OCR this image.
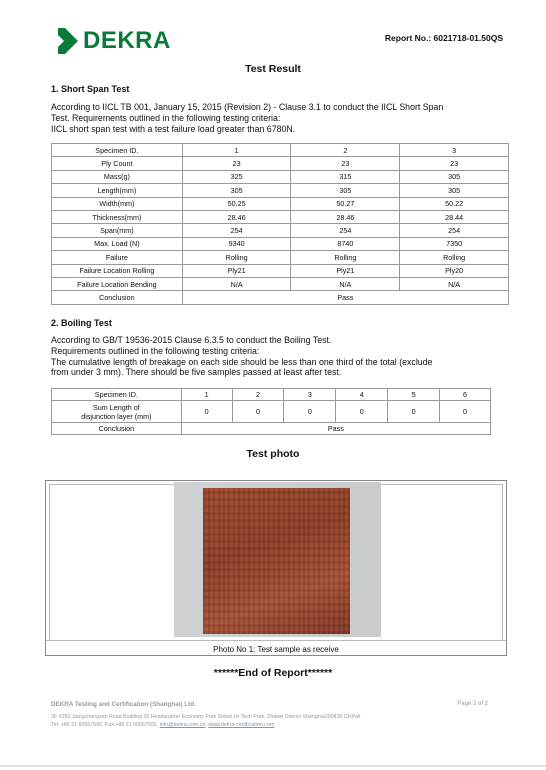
DEKRA	Report No.: 6021718-01.50QS
Test Result
1. Short Span Test
According to IICL TB 001, January 15, 2015 (Revision 2) - Clause 3.1 to conduct the IICL Short Span
Test. Requirements outlined in the following testing criteria:
IICL short span test with a test failure load greater than 6780N.
Specimen ID.	1	2	3
Ply Count	23	23	23
Mass(g)	325	315	305
Length(mm)	305	305	305
Width(mm)	50.25	50.27	50.22
Thickness(mm)	28.46	28.46	28.44
Span(mm)	254	254	254
Max. Load (N)	9340	8740	7350
Failure	Rolling	Rolling	Rolling
Failure Location Rolling	Ply21	Ply21	Ply20
Failure Location Bending	N/A	N/A	N/A
Conclusion	Pass		
2. Boiling Test
According to GB/T 19536-2015 Clause 6.3.5 to conduct the Boiling Test.
Requirements outlined in the following testing criteria:
The cumulative length of breakage on each side should be less than one third of the total (exclude
from under 3 mm). There should be five samples passed at least after test.
Specimen ID.	1	2	3	4	5	6

Sum Length of
disjunction layer (mm)	0	0	0	0	0	0
Conclusion	Pass					
Test photo
Photo No 1: Test sample as receive
******End of Report******
DEKRA Testing and Certification (Shanghai) Ltd.	Page 2 of 2
3F #250 Jiangchangsan Road Building 16 Headquarter Economy Park Shibei Hi-Tech Park, Zhabei District Shanghai200436 CHINA
Tel: +86 21 60567666, Fax:+86 21 60567555, info@dekra.com.cn, www.dekra-certification.com
